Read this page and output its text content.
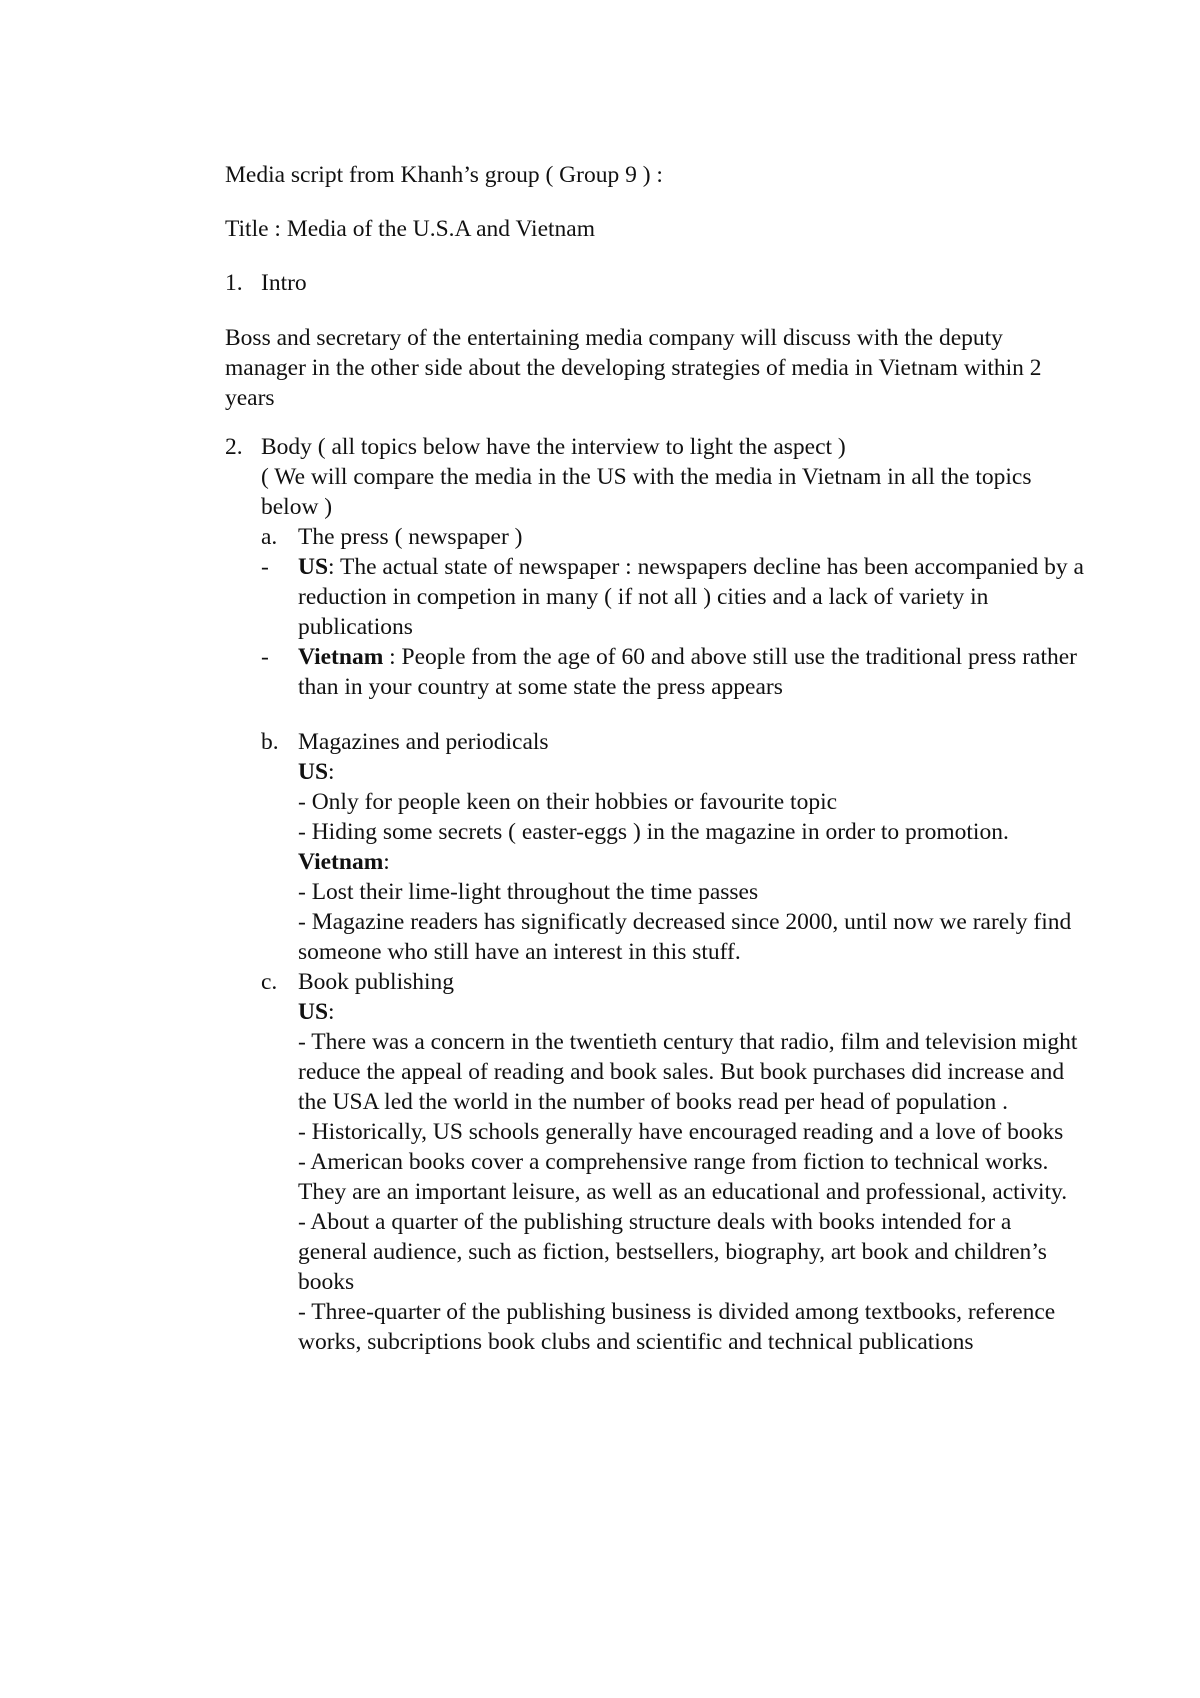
Media script from Khanh’s group ( Group 9 ) :

Title : Media of the U.S.A and Vietnam

1. Intro

Boss and secretary of the entertaining media company will discuss with the deputy manager in the other side about the developing strategies of media in Vietnam within 2 years

2. Body ( all topics below have the interview to light the aspect )
( We will compare the media in the US with the media in Vietnam in all the topics below )
a. The press ( newspaper )
- US: The actual state of newspaper : newspapers decline has been accompanied by a reduction in competion in many ( if not all ) cities and a lack of variety in publications
- Vietnam : People from the age of 60 and above still use the traditional press rather than in your country at some state the press appears
b. Magazines and periodicals
US:
- Only for people keen on their hobbies or favourite topic
- Hiding some secrets ( easter-eggs ) in the magazine in order to promotion.
Vietnam:
- Lost their lime-light throughout the time passes
- Magazine readers has significatly decreased since 2000, until now we rarely find someone who still have an interest in this stuff.
c. Book publishing
US:
- There was a concern in the twentieth century that radio, film and television might reduce the appeal of reading and book sales. But book purchases did increase and the USA led the world in the number of books read per head of population .
- Historically, US schools generally have encouraged reading and a love of books
- American books cover a comprehensive range from fiction to technical works. They are an important leisure, as well as an educational and professional, activity.
- About a quarter of the publishing structure deals with books intended for a general audience, such as fiction, bestsellers, biography, art book and children’s books
- Three-quarter of the publishing business is divided among textbooks, reference works, subcriptions book clubs and scientific and technical publications
